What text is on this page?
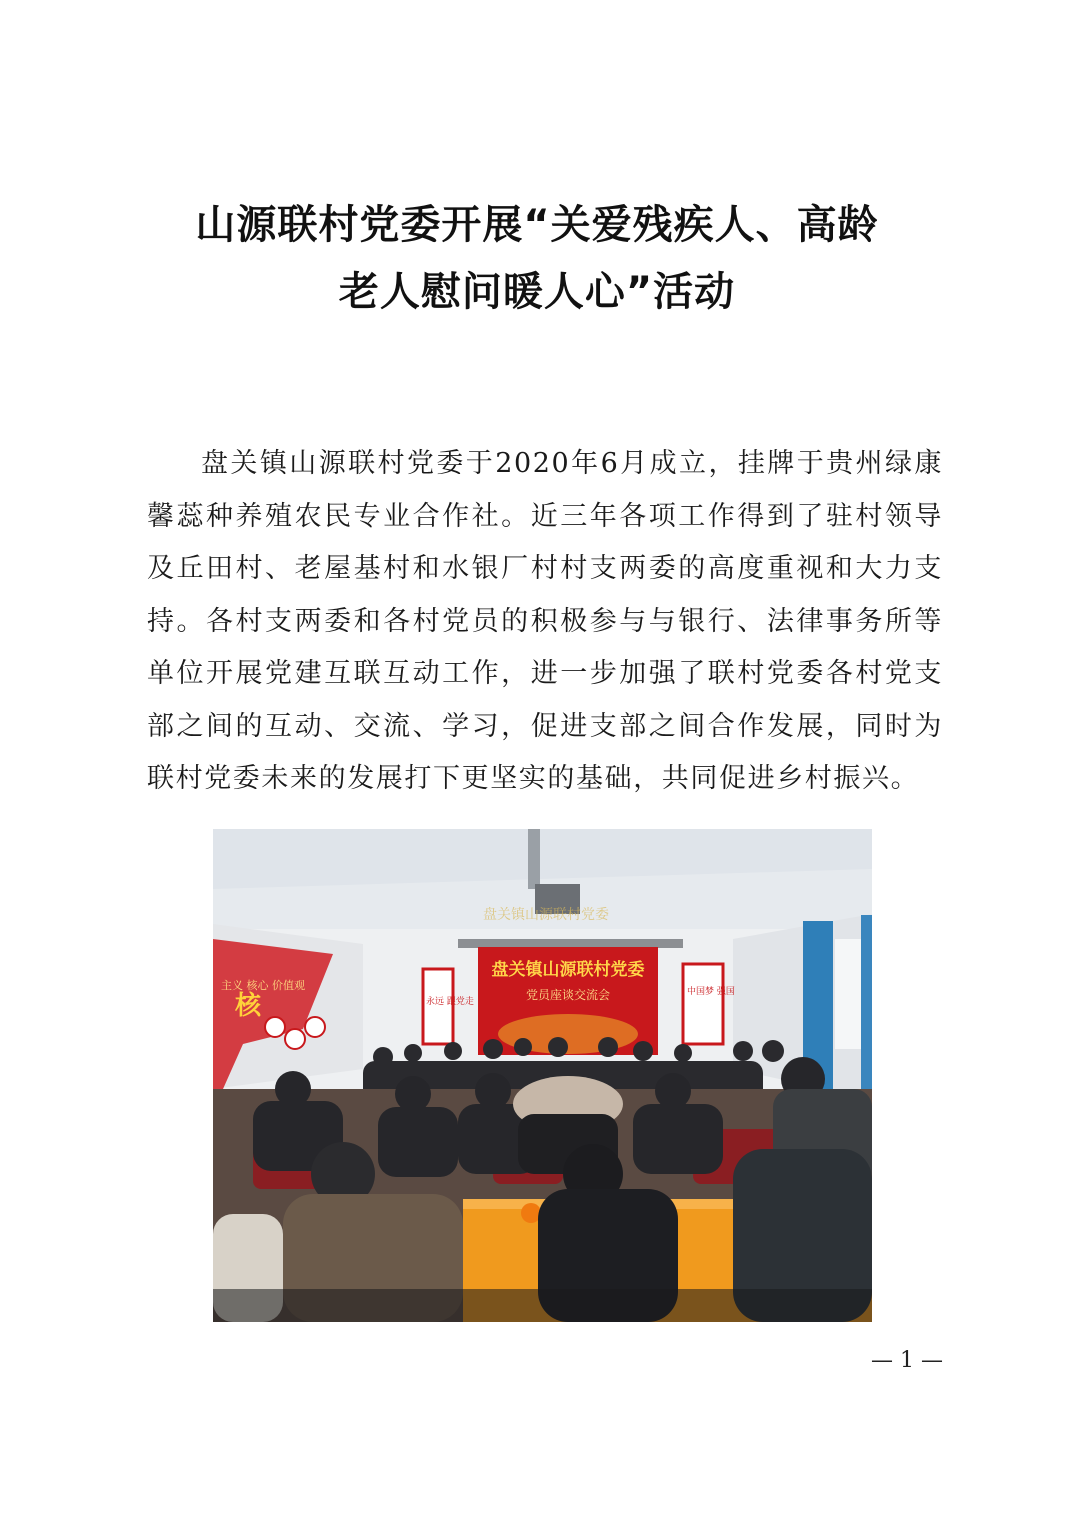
山源联村党委开展“关爱残疾人、高龄
老人慰问暖人心”活动
盘关镇山源联村党委于2020年6月成立，挂牌于贵州绿康馨蕊种养殖农民专业合作社。近三年各项工作得到了驻村领导及丘田村、老屋基村和水银厂村村支两委的高度重视和大力支持。各村支两委和各村党员的积极参与与银行、法律事务所等单位开展党建互联互动工作，进一步加强了联村党委各村党支部之间的互动、交流、学习，促进支部之间合作发展，同时为联村党委未来的发展打下更坚实的基础，共同促进乡村振兴。
盘关镇山源联村党委
盘关镇山源联村党委
党员座谈交流会
主义 核心 价值观
核	永远 跟党走
中国梦 强国
— 1 —
